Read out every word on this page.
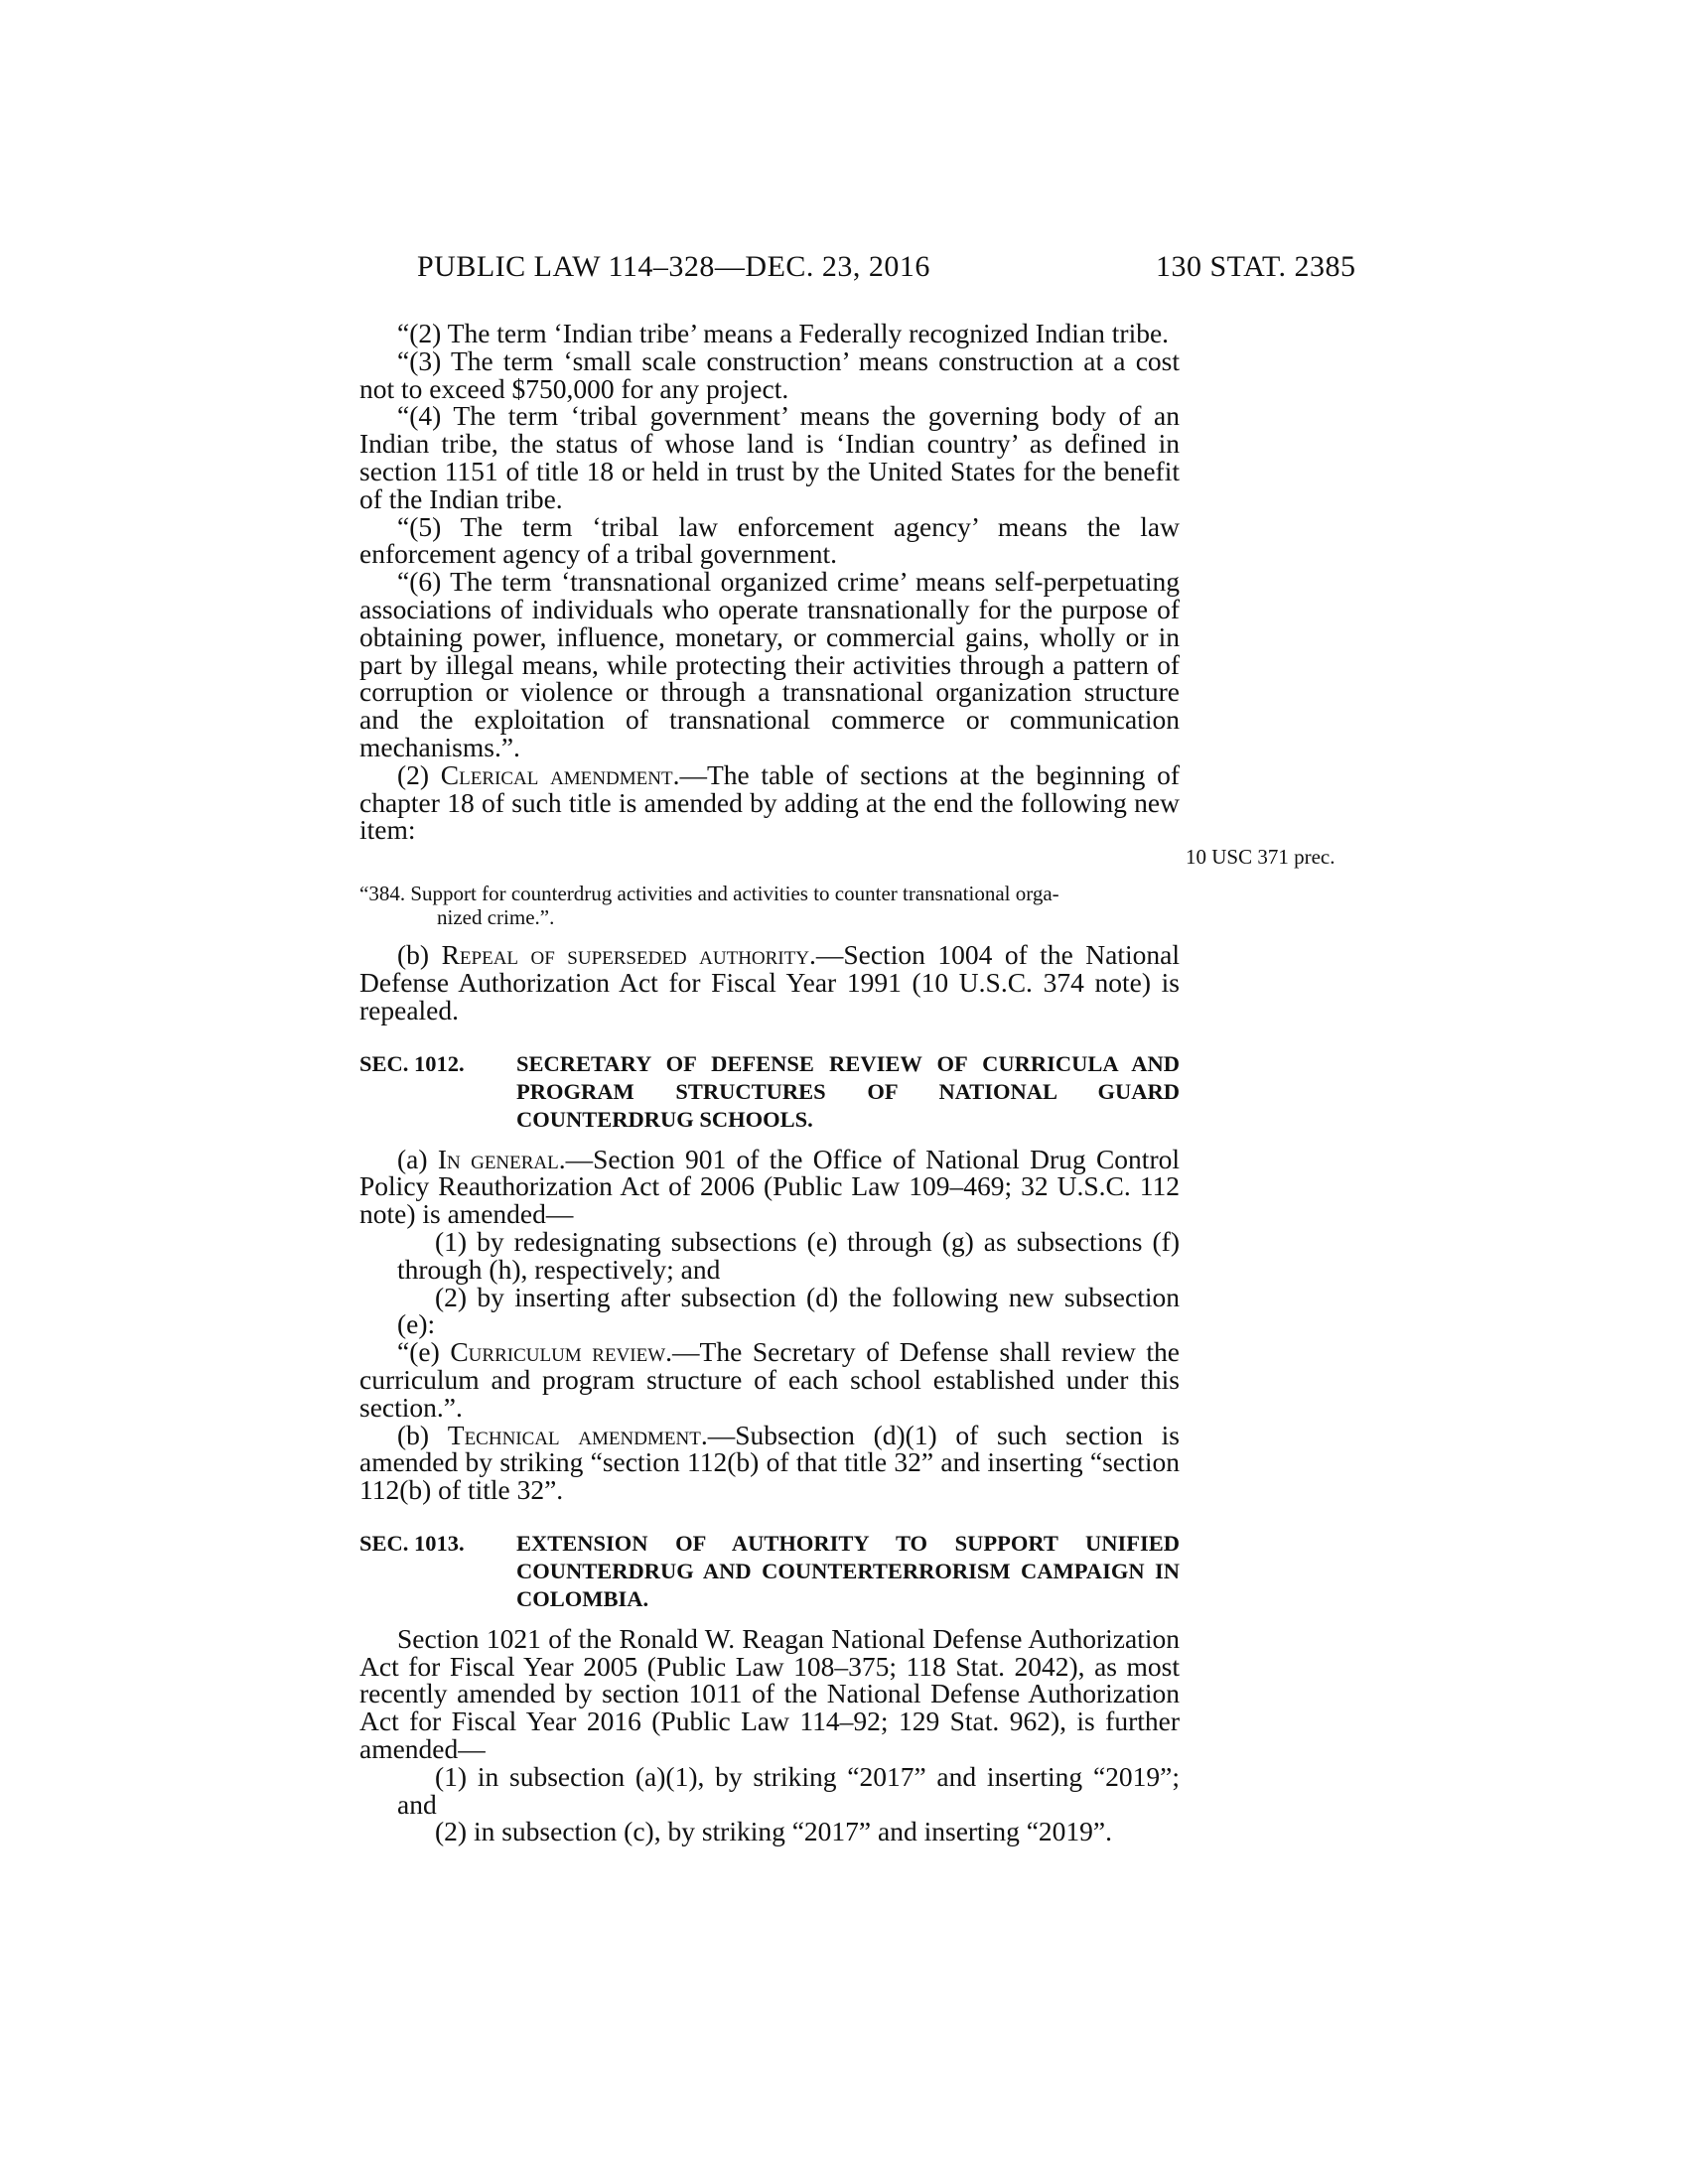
PUBLIC LAW 114–328—DEC. 23, 2016	130 STAT. 2385
10 USC 371 prec.

“(2) The term ‘Indian tribe’ means a Federally recognized Indian tribe.

“(3) The term ‘small scale construction’ means construction at a cost not to exceed $750,000 for any project.

“(4) The term ‘tribal government’ means the governing body of an Indian tribe, the status of whose land is ‘Indian country’ as defined in section 1151 of title 18 or held in trust by the United States for the benefit of the Indian tribe.

“(5) The term ‘tribal law enforcement agency’ means the law enforcement agency of a tribal government.

“(6) The term ‘transnational organized crime’ means self-perpetuating associations of individuals who operate transnationally for the purpose of obtaining power, influence, monetary, or commercial gains, wholly or in part by illegal means, while protecting their activities through a pattern of corruption or violence or through a transnational organization structure and the exploitation of transnational commerce or communication mechanisms.”.

(2) Clerical amendment.—The table of sections at the beginning of chapter 18 of such title is amended by adding at the end the following new item:

“384. Support for counterdrug activities and activities to counter transnational orga-

nized crime.”.

(b) Repeal of superseded authority.—Section 1004 of the National Defense Authorization Act for Fiscal Year 1991 (10 U.S.C. 374 note) is repealed.

SEC. 1012. SECRETARY OF DEFENSE REVIEW OF CURRICULA AND PROGRAM STRUCTURES OF NATIONAL GUARD COUNTERDRUG SCHOOLS.

(a) In general.—Section 901 of the Office of National Drug Control Policy Reauthorization Act of 2006 (Public Law 109–469; 32 U.S.C. 112 note) is amended—

(1) by redesignating subsections (e) through (g) as subsections (f) through (h), respectively; and

(2) by inserting after subsection (d) the following new subsection (e):

“(e) Curriculum review.—The Secretary of Defense shall review the curriculum and program structure of each school established under this section.”.

(b) Technical amendment.—Subsection (d)(1) of such section is amended by striking “section 112(b) of that title 32” and inserting “section 112(b) of title 32”.

SEC. 1013. EXTENSION OF AUTHORITY TO SUPPORT UNIFIED COUNTERDRUG AND COUNTERTERRORISM CAMPAIGN IN COLOMBIA.

Section 1021 of the Ronald W. Reagan National Defense Authorization Act for Fiscal Year 2005 (Public Law 108–375; 118 Stat. 2042), as most recently amended by section 1011 of the National Defense Authorization Act for Fiscal Year 2016 (Public Law 114–92; 129 Stat. 962), is further amended—

(1) in subsection (a)(1), by striking “2017” and inserting “2019”; and

(2) in subsection (c), by striking “2017” and inserting “2019”.
